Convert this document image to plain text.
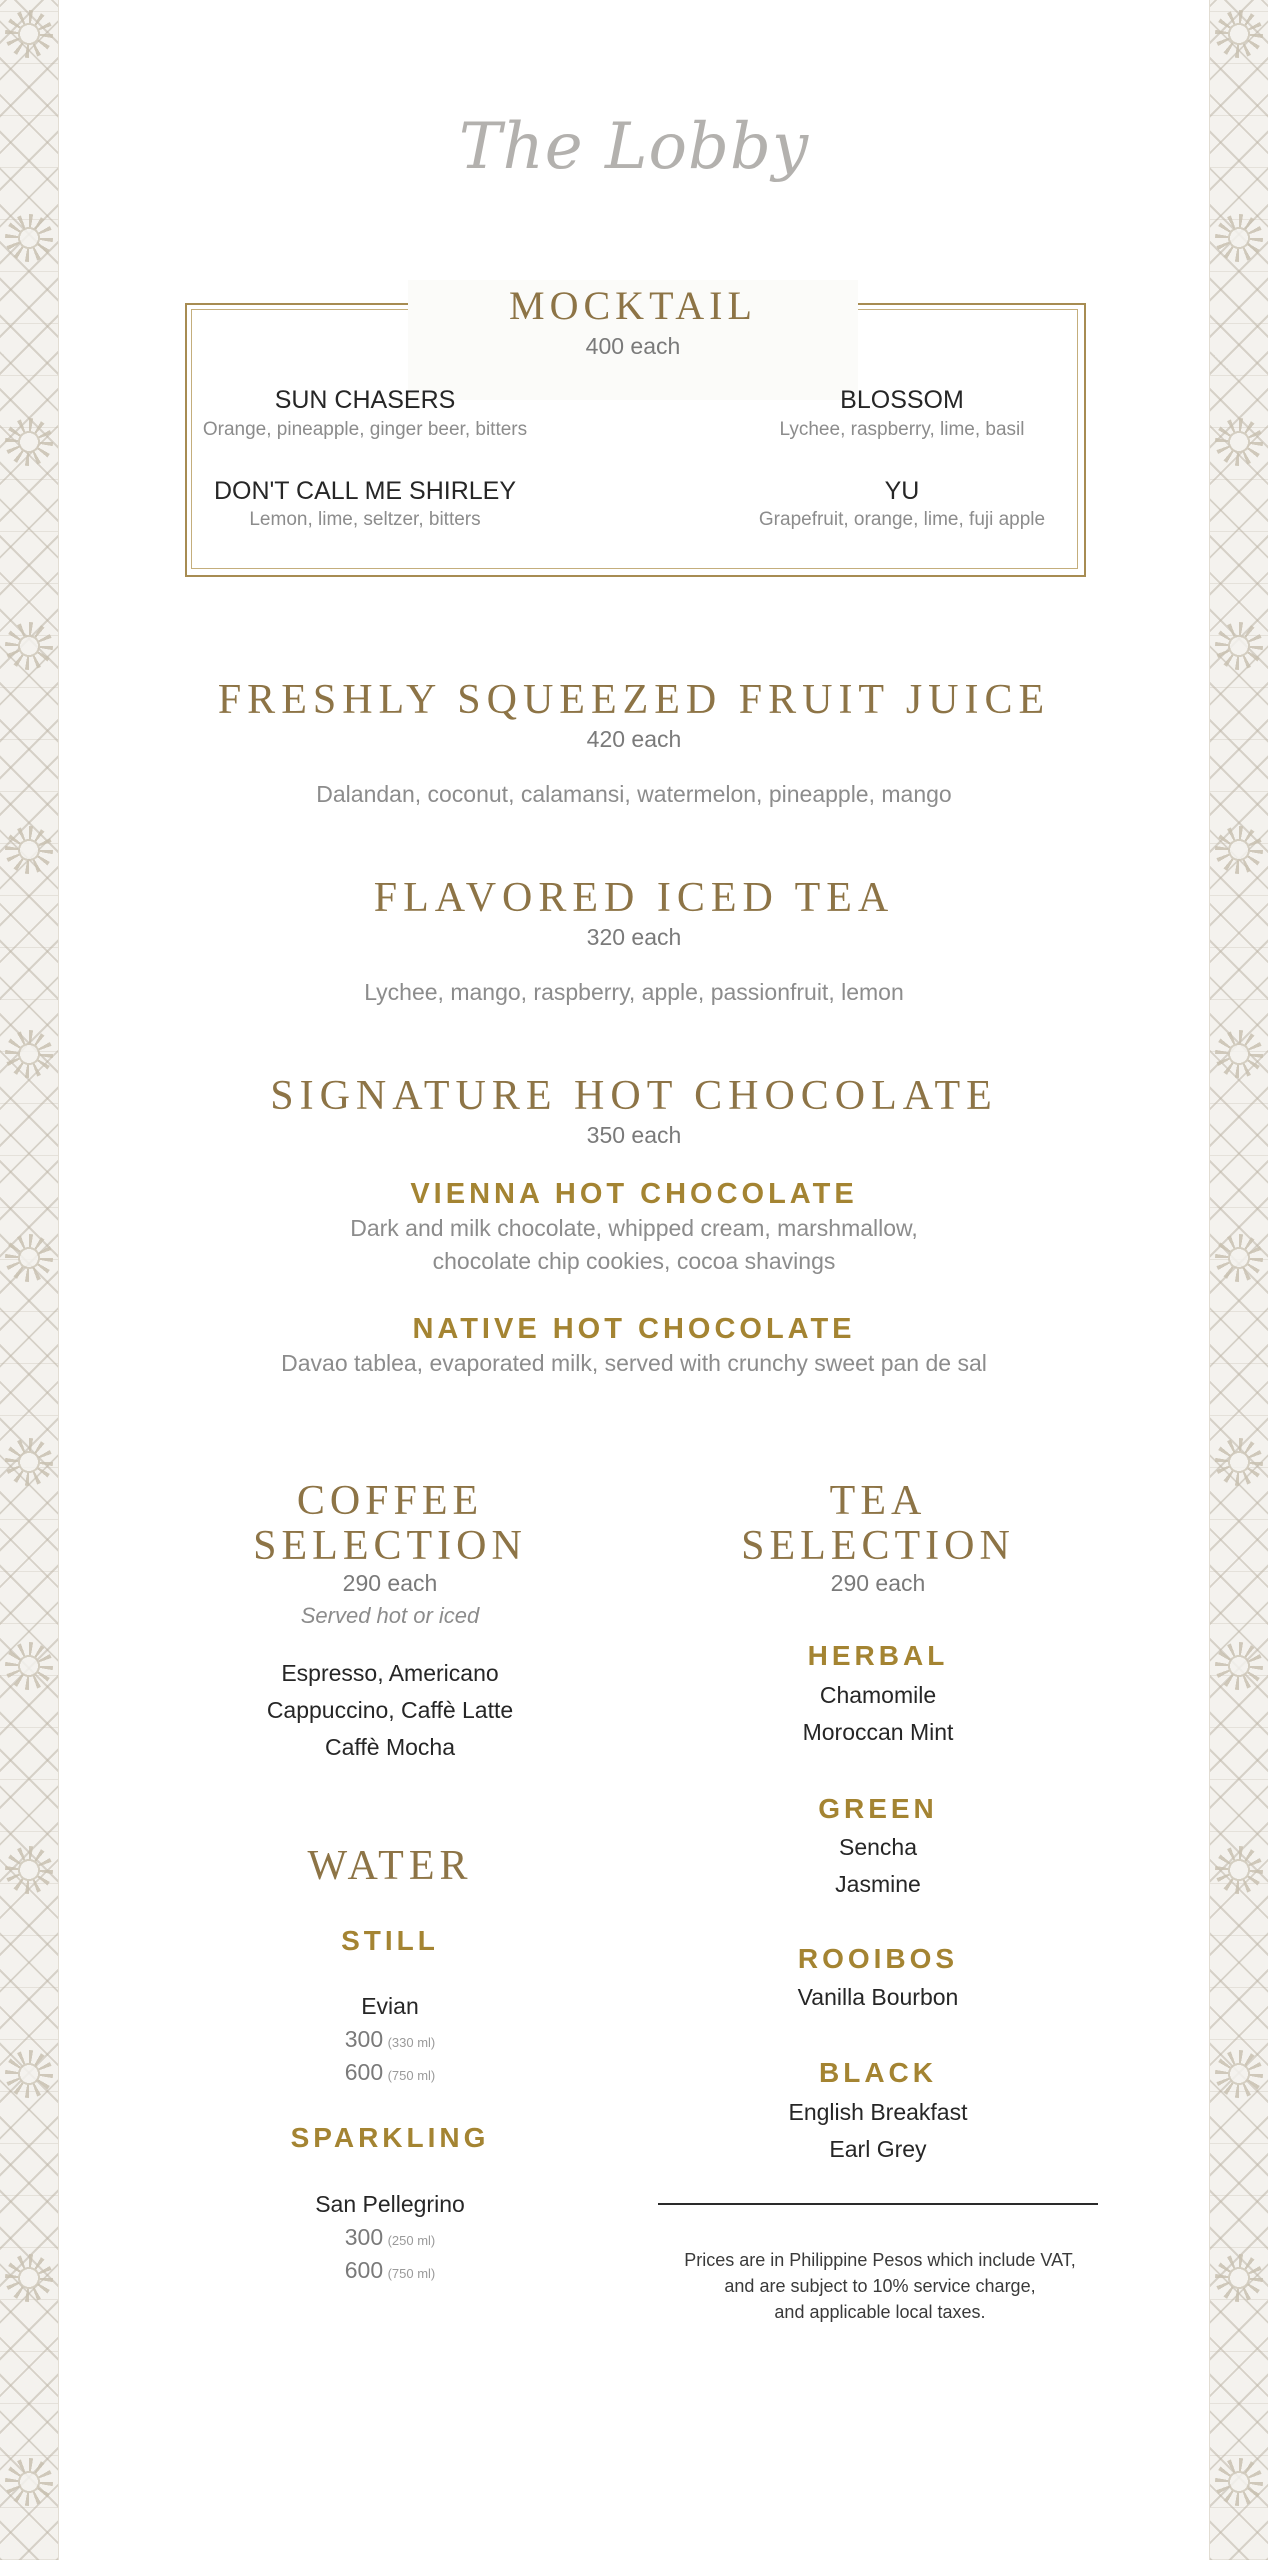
The Lobby
MOCKTAIL
400 each
SUN CHASERS
Orange, pineapple, ginger beer, bitters
BLOSSOM
Lychee, raspberry, lime, basil
DON'T CALL ME SHIRLEY
Lemon, lime, seltzer, bitters
YU
Grapefruit, orange, lime, fuji apple
FRESHLY SQUEEZED FRUIT JUICE
420 each
Dalandan, coconut, calamansi, watermelon, pineapple, mango
FLAVORED ICED TEA
320 each
Lychee, mango, raspberry, apple, passionfruit, lemon
SIGNATURE HOT CHOCOLATE
350 each
VIENNA HOT CHOCOLATE
Dark and milk chocolate, whipped cream, marshmallow,
chocolate chip cookies, cocoa shavings
NATIVE HOT CHOCOLATE
Davao tablea, evaporated milk, served with crunchy sweet pan de sal
COFFEE
SELECTION
290 each
Served hot or iced
Espresso, Americano
Cappuccino, Caffè Latte
Caffè Mocha
WATER
STILL
Evian
300 (330 ml)
600 (750 ml)
SPARKLING
San Pellegrino
300 (250 ml)
600 (750 ml)
TEA
SELECTION
290 each
HERBAL
Chamomile
Moroccan Mint
GREEN
Sencha
Jasmine
ROOIBOS
Vanilla Bourbon
BLACK
English Breakfast
Earl Grey
Prices are in Philippine Pesos which include VAT,
and are subject to 10% service charge,
and applicable local taxes.
